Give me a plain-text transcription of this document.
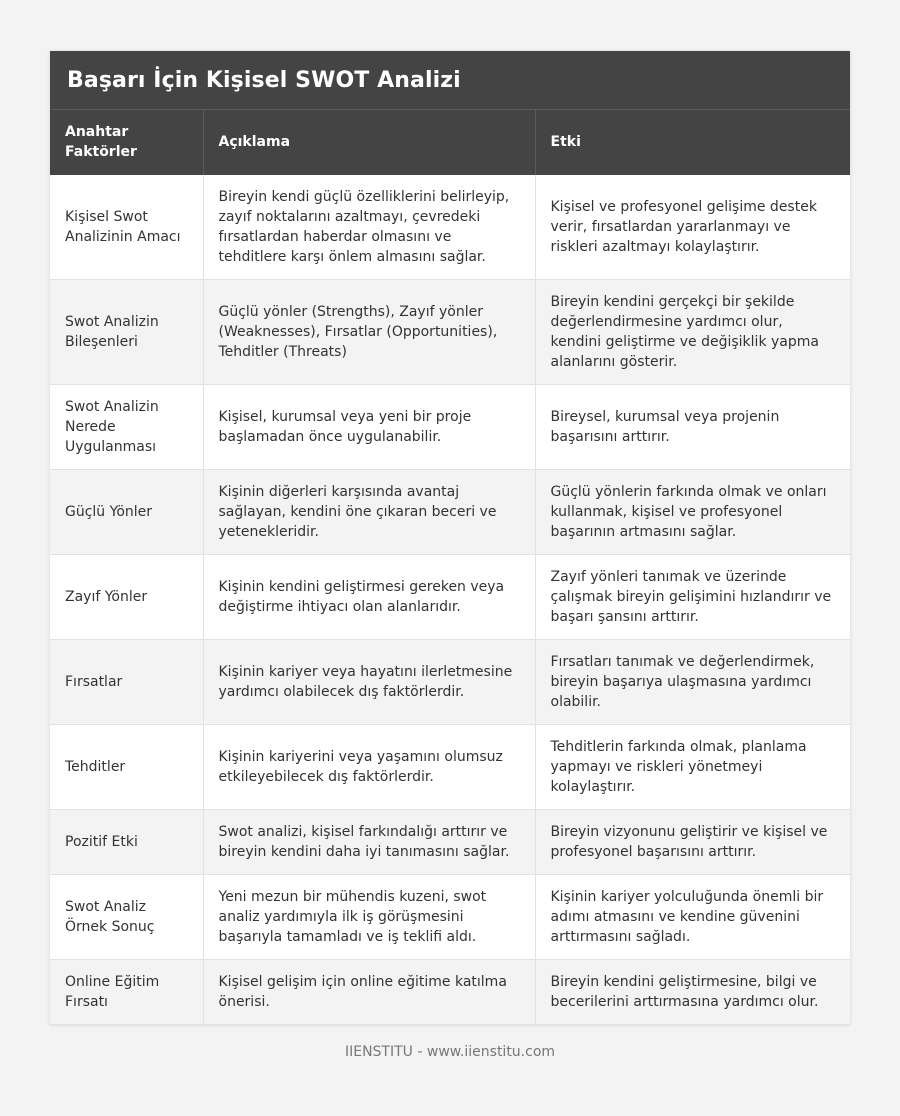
Başarı İçin Kişisel SWOT Analizi
Anahtar Faktörler	Açıklama	Etki
Kişisel Swot Analizinin Amacı	Bireyin kendi güçlü özelliklerini belirleyip, zayıf noktalarını azaltmayı, çevredeki fırsatlardan haberdar olmasını ve tehditlere karşı önlem almasını sağlar.	Kişisel ve profesyonel gelişime destek verir, fırsatlardan yararlanmayı ve riskleri azaltmayı kolaylaştırır.
Swot Analizin Bileşenleri	Güçlü yönler (Strengths), Zayıf yönler (Weaknesses), Fırsatlar (Opportunities), Tehditler (Threats)	Bireyin kendini gerçekçi bir şekilde değerlendirmesine yardımcı olur, kendini geliştirme ve değişiklik yapma alanlarını gösterir.
Swot Analizin Nerede Uygulanması	Kişisel, kurumsal veya yeni bir proje başlamadan önce uygulanabilir.	Bireysel, kurumsal veya projenin başarısını arttırır.
Güçlü Yönler	Kişinin diğerleri karşısında avantaj sağlayan, kendini öne çıkaran beceri ve yetenekleridir.	Güçlü yönlerin farkında olmak ve onları kullanmak, kişisel ve profesyonel başarının artmasını sağlar.
Zayıf Yönler	Kişinin kendini geliştirmesi gereken veya değiştirme ihtiyacı olan alanlarıdır.	Zayıf yönleri tanımak ve üzerinde çalışmak bireyin gelişimini hızlandırır ve başarı şansını arttırır.
Fırsatlar	Kişinin kariyer veya hayatını ilerletmesine yardımcı olabilecek dış faktörlerdir.	Fırsatları tanımak ve değerlendirmek, bireyin başarıya ulaşmasına yardımcı olabilir.
Tehditler	Kişinin kariyerini veya yaşamını olumsuz etkileyebilecek dış faktörlerdir.	Tehditlerin farkında olmak, planlama yapmayı ve riskleri yönetmeyi kolaylaştırır.
Pozitif Etki	Swot analizi, kişisel farkındalığı arttırır ve bireyin kendini daha iyi tanımasını sağlar.	Bireyin vizyonunu geliştirir ve kişisel ve profesyonel başarısını arttırır.
Swot Analiz Örnek Sonuç	Yeni mezun bir mühendis kuzeni, swot analiz yardımıyla ilk iş görüşmesini başarıyla tamamladı ve iş teklifi aldı.	Kişinin kariyer yolculuğunda önemli bir adımı atmasını ve kendine güvenini arttırmasını sağladı.
Online Eğitim Fırsatı	Kişisel gelişim için online eğitime katılma önerisi.	Bireyin kendini geliştirmesine, bilgi ve becerilerini arttırmasına yardımcı olur.
IIENSTITU - www.iienstitu.com
